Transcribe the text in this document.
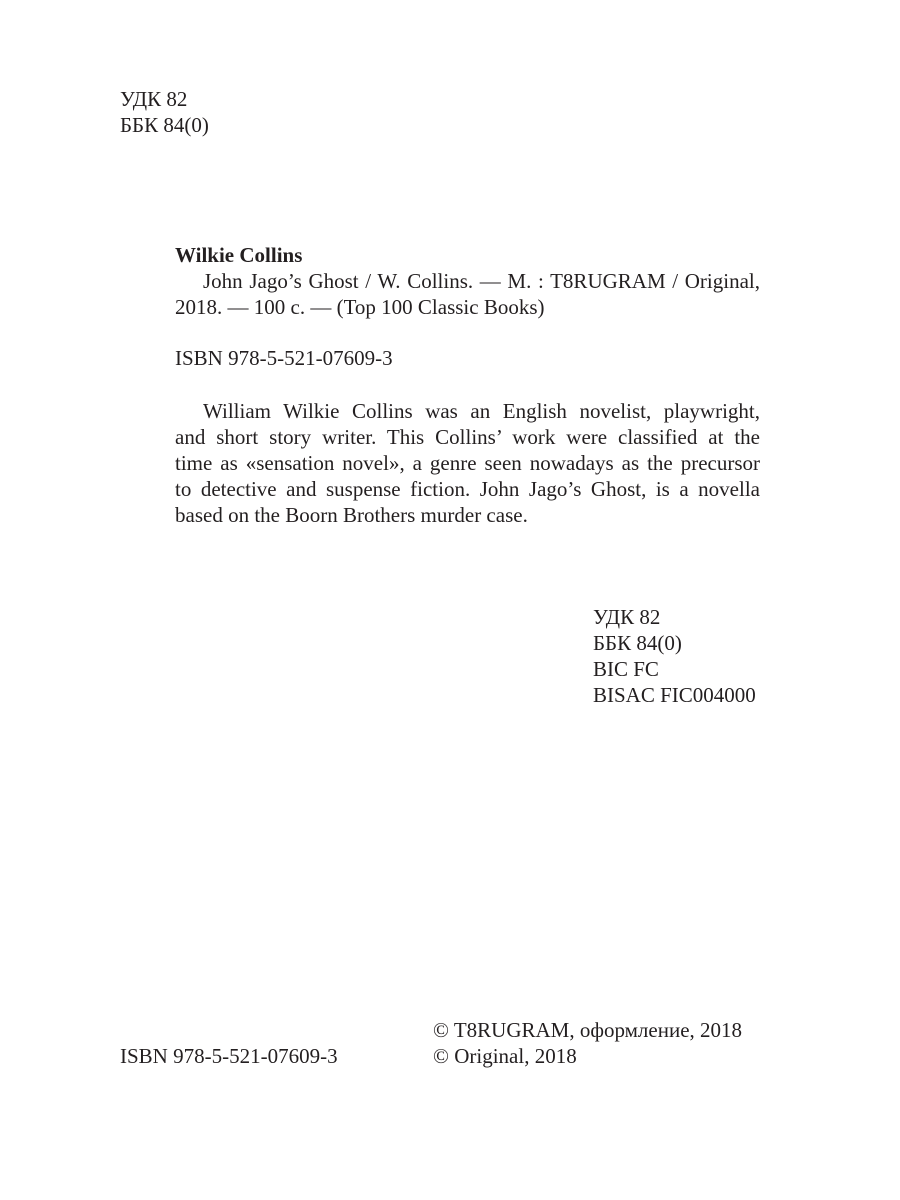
УДК 82
ББК 84(0)
Wilkie Collins
John Jago’s Ghost / W. Collins. — M. : T8RUGRAM / Original,
2018. — 100 с. — (Top 100 Classic Books)
ISBN 978-5-521-07609-3
William Wilkie Collins was an English novelist, playwright,
and short story writer. This Collins’ work were classified at the
time as «sensation novel», a genre seen nowadays as the precursor
to detective and suspense fiction. John Jago’s Ghost, is a novella
based on the Boorn Brothers murder case.
УДК 82
ББК 84(0)
BIC FC
BISAC FIC004000
ISBN 978-5-521-07609-3
© T8RUGRAM, оформление, 2018
© Original, 2018
